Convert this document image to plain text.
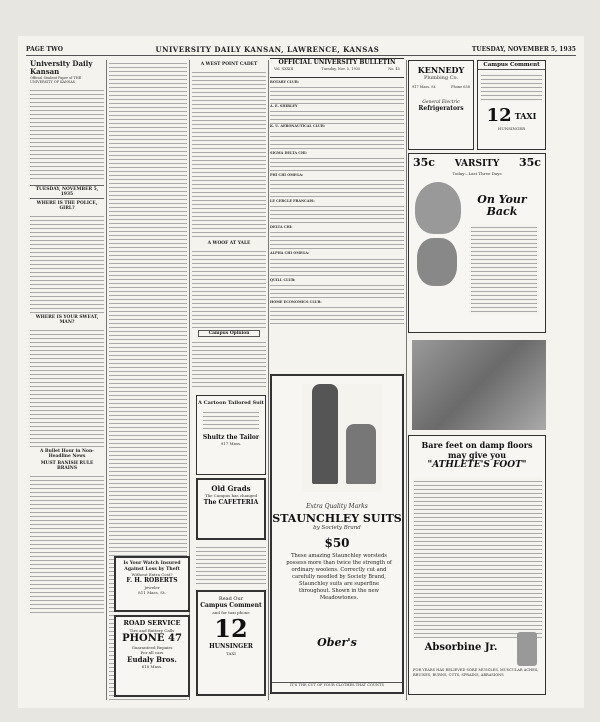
PAGE TWO	UNIVERSITY DAILY KANSAN, LAWRENCE, KANSAS	TUESDAY, NOVEMBER 5, 1935
University Daily Kansan
Official Student Paper of THE UNIVERSITY OF KANSAS
TUESDAY, NOVEMBER 5, 1935
WHERE IS THE POLICE, GIRL?
WHERE IS YOUR SWEAT, MAN?
A Bullet Hour in Non-Headline News
MUST BANISH RULE BRAINS
A WEST POINT CADET
A WOOF AT YALE
Campus Opinion
OFFICIAL UNIVERSITY BULLETIN
Vol. XXXIII	Tuesday, Nov. 5, 1935	No. 45
ROTARY CLUB:
A. E. SHIRLEY
K. U. AERONAUTICAL CLUB:
SIGMA DELTA CHI:
PHI CHI OMEGA:
LE CERCLE FRANCAIS:
DELTA CHI:
ALPHA CHI OMEGA:
QUILL CLUB:
HOME ECONOMICS CLUB:
KENNEDY
Plumbing Co.
917 Mass. St.	Phone 658
General Electric
Refrigerators
Campus Comment
12 TAXI
HUNSINGER
35c VARSITY 35c
Today—Last Three Days
On Your Back
Extra Quality Marks
STAUNCHLEY SUITS
by Society Brand
$50
These amazing Staunchley worsteds possess more than twice the strength of ordinary woolens. Correctly cut and carefully needled by Society Brand, Staunchley suits are superfine throughout. Shown in the new Meadowtones.
Ober's
IT'S THE CUT OF YOUR CLOTHES THAT COUNTS
A Cartoon Tailored Suit
Shultz the Tailor
917 Mass.
Old Grads
The Campus has changed
The CAFETERIA
Is Your Watch Insured Against Loss by Theft
Without Extra Cost?
F. H. ROBERTS
Jeweler
811 Mass. St.
ROAD SERVICE
Tire and Battery Calls
PHONE 47
Guaranteed Repairs
For all cars
Eudaly Bros.
618 Mass.
Read Our
Campus Comment
and for taxi phone
12
HUNSINGER
TAXI
Bare feet on damp floors
may give you
"ATHLETE'S FOOT"
Absorbine Jr.
FOR YEARS HAS RELIEVED SORE MUSCLES, MUSCULAR ACHES, BRUISES, BURNS, CUTS, SPRAINS, ABRASIONS
